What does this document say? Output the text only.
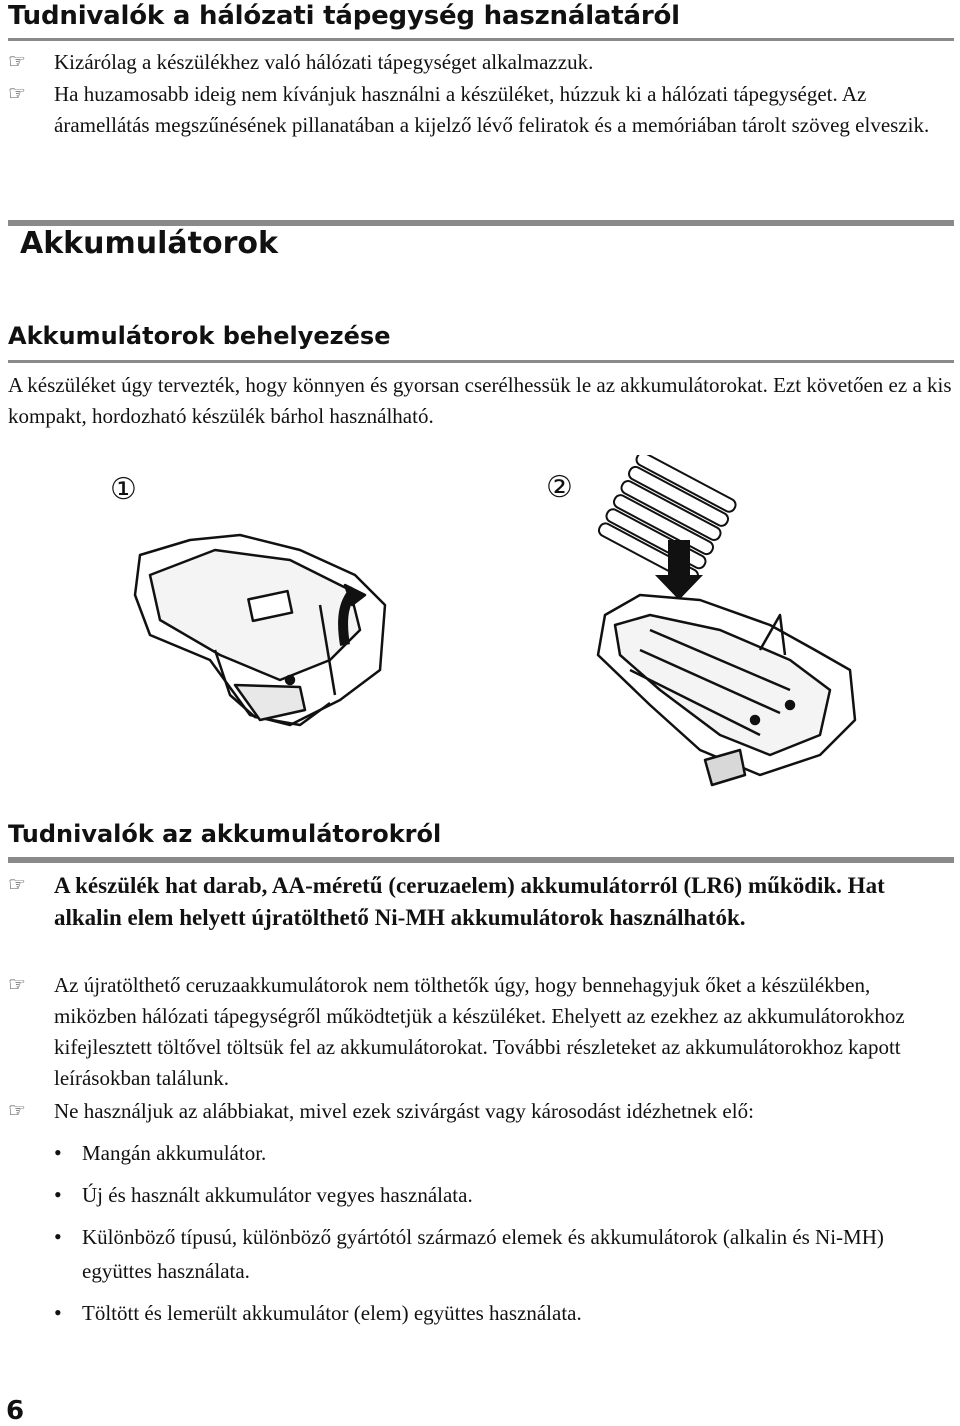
Tudnivalók a hálózati tápegység használatáról
☞ Kizárólag a készülékhez való hálózati tápegységet alkalmazzuk.
☞ Ha huzamosabb ideig nem kívánjuk használni a készüléket, húzzuk ki a hálózati tápegységet. Az áramellátás megszűnésének pillanatában a kijelző lévő feliratok és a memóriában tárolt szöveg elveszik.
Akkumulátorok
Akkumulátorok behelyezése
A készüléket úgy tervezték, hogy könnyen és gyorsan cserélhessük le az akkumulátorokat. Ezt követően ez a kis kompakt, hordozható készülék bárhol használható.
①	②
Tudnivalók az akkumulátorokról
☞ A készülék hat darab, AA-méretű (ceruzaelem) akkumulátorról (LR6) működik. Hat alkalin elem helyett újratölthető Ni-MH akkumulátorok használhatók.
☞ Az újratölthető ceruzaakkumulátorok nem tölthetők úgy, hogy bennehagyjuk őket a készülékben, miközben hálózati tápegységről működtetjük a készüléket. Ehelyett az ezekhez az akkumulátorokhoz kifejlesztett töltővel töltsük fel az akkumulátorokat. További részleteket az akkumulátorokhoz kapott leírásokban találunk.
☞ Ne használjuk az alábbiakat, mivel ezek szivárgást vagy károsodást idézhetnek elő:
• Mangán akkumulátor.
• Új és használt akkumulátor vegyes használata.
• Különböző típusú, különböző gyártótól származó elemek és akkumulátorok (alkalin és Ni-MH) együttes használata.
• Töltött és lemerült akkumulátor (elem) együttes használata.
6
